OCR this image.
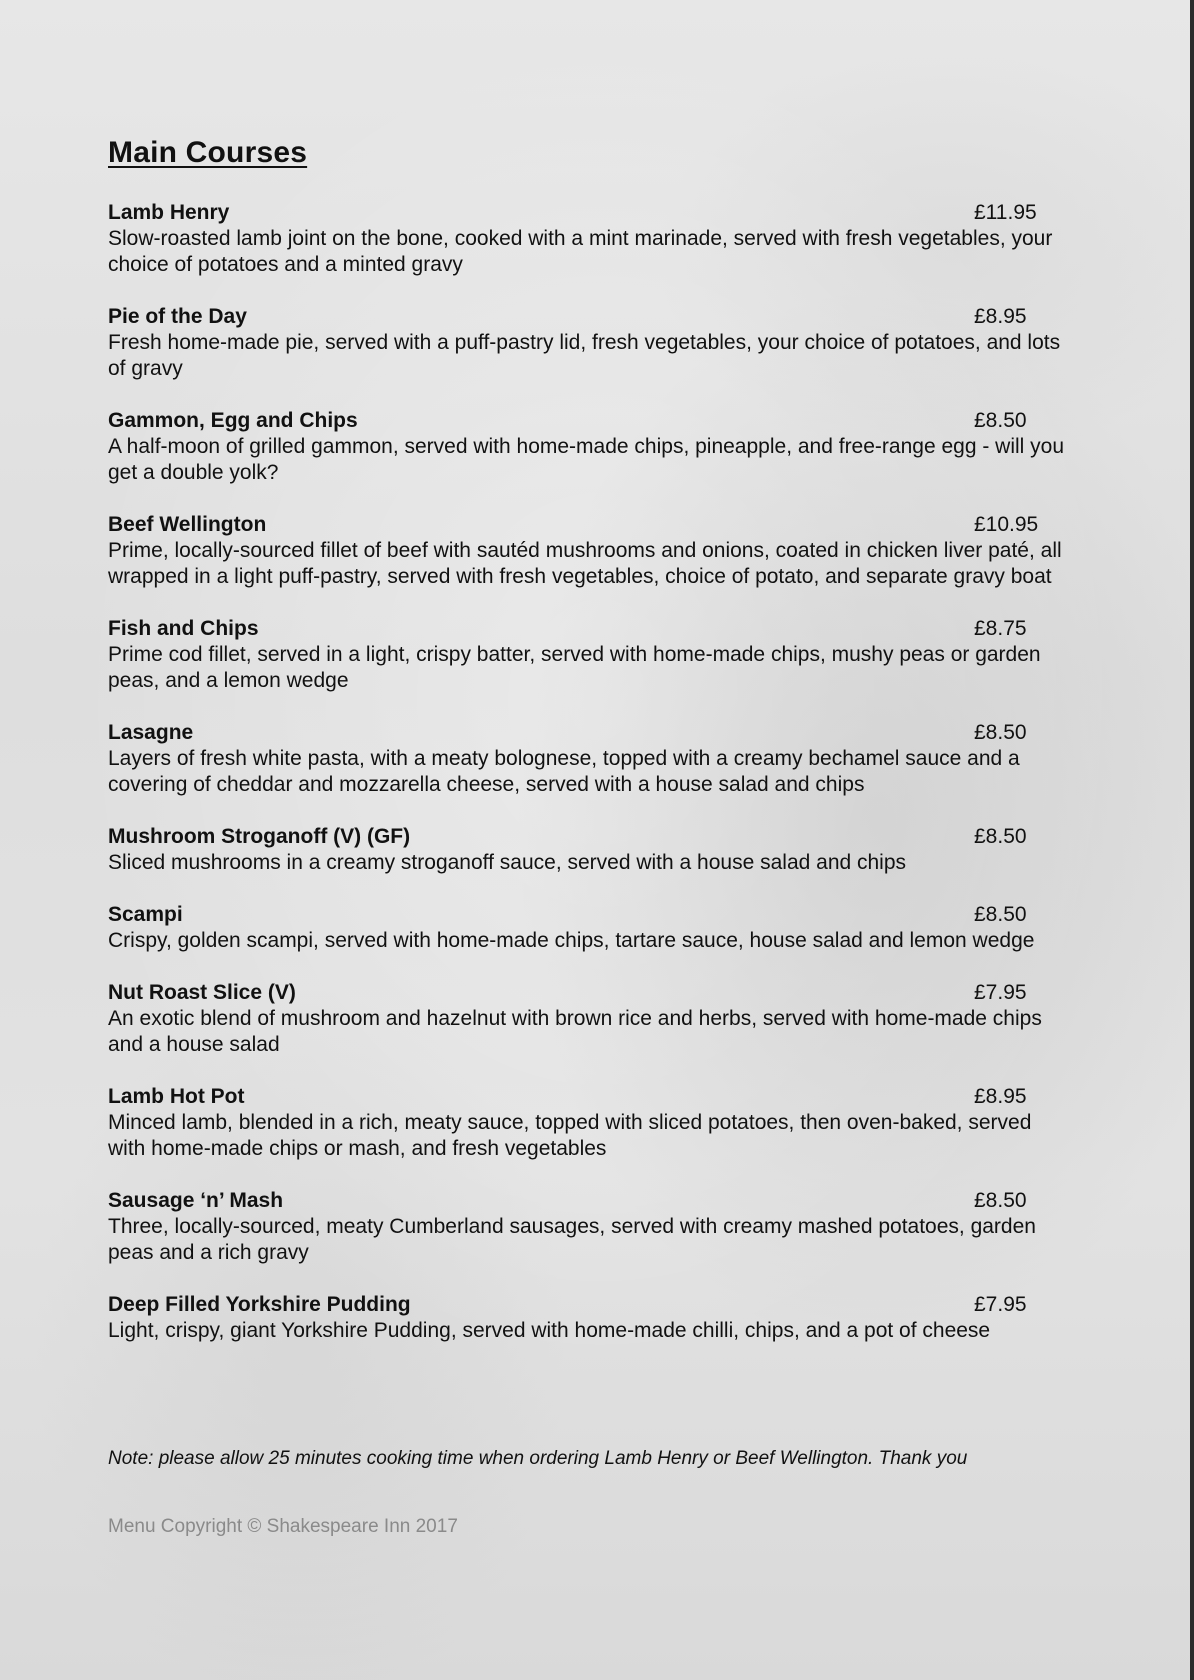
Main Courses
Lamb Henry	£11.95
Slow-roasted lamb joint on the bone, cooked with a mint marinade, served with fresh vegetables, your choice of potatoes and a minted gravy
Pie of the Day	£8.95
Fresh home-made pie, served with a puff-pastry lid, fresh vegetables, your choice of potatoes, and lots of gravy
Gammon, Egg and Chips	£8.50
A half-moon of grilled gammon, served with home-made chips, pineapple, and free-range egg - will you get a double yolk?
Beef Wellington	£10.95
Prime, locally-sourced fillet of beef with sautéd mushrooms and onions, coated in chicken liver paté, all wrapped in a light puff-pastry, served with fresh vegetables, choice of potato, and separate gravy boat
Fish and Chips	£8.75
Prime cod fillet, served in a light, crispy batter, served with home-made chips, mushy peas or garden peas, and a lemon wedge
Lasagne	£8.50
Layers of fresh white pasta, with a meaty bolognese, topped with a creamy bechamel sauce and a covering of cheddar and mozzarella cheese, served with a house salad and chips
Mushroom Stroganoff (V) (GF)	£8.50
Sliced mushrooms in a creamy stroganoff sauce, served with a house salad and chips
Scampi	£8.50
Crispy, golden scampi, served with home-made chips, tartare sauce, house salad and lemon wedge
Nut Roast Slice (V)	£7.95
An exotic blend of mushroom and hazelnut with brown rice and herbs, served with home-made chips and a house salad
Lamb Hot Pot	£8.95
Minced lamb, blended in a rich, meaty sauce, topped with sliced potatoes, then oven-baked, served with home-made chips or mash, and fresh vegetables
Sausage ‘n’ Mash	£8.50
Three, locally-sourced, meaty Cumberland sausages, served with creamy mashed potatoes, garden peas and a rich gravy
Deep Filled Yorkshire Pudding	£7.95
Light, crispy, giant Yorkshire Pudding, served with home-made chilli, chips, and a pot of cheese
Note: please allow 25 minutes cooking time when ordering Lamb Henry or Beef Wellington. Thank you
Menu Copyright © Shakespeare Inn 2017
